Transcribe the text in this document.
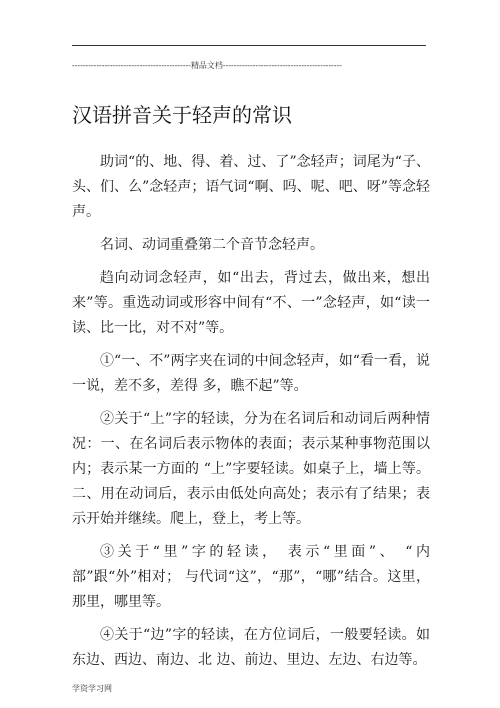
--------------------------------------------精品文档--------------------------------------------
汉语拼音关于轻声的常识

助词“的、地、得、着、过、了”念轻声；词尾为“子、头、们、么”念轻声；语气词“啊、吗、呢、吧、呀”等念轻声。

名词、动词重叠第二个音节念轻声。

趋向动词念轻声，如“出去，背过去，做出来，想出来”等。重选动词或形容中间有“不、一”念轻声，如“读一读、比一比，对不对”等。

①“一、不”两字夹在词的中间念轻声，如“看一看，说一说，差不多，差得 多，瞧不起”等。

②关于“上”字的轻读，分为在名词后和动词后两种情况：一、在名词后表示物体的表面；表示某种事物范围以内；表示某一方面的 “上”字要轻读。如桌子上，墙上等。二、用在动词后，表示由低处向高处；表示有了结果；表示开始并继续。爬上，登上，考上等。

③关于“里”字的轻读， 表示“里面”、 “内部”跟“外”相对； 与代词“这”，“那”，“哪”结合。这里，那里，哪里等。

④关于“边”字的轻读，在方位词后，一般要轻读。如东边、西边、南边、北 边、前边、里边、左边、右边等。

学资学习网
